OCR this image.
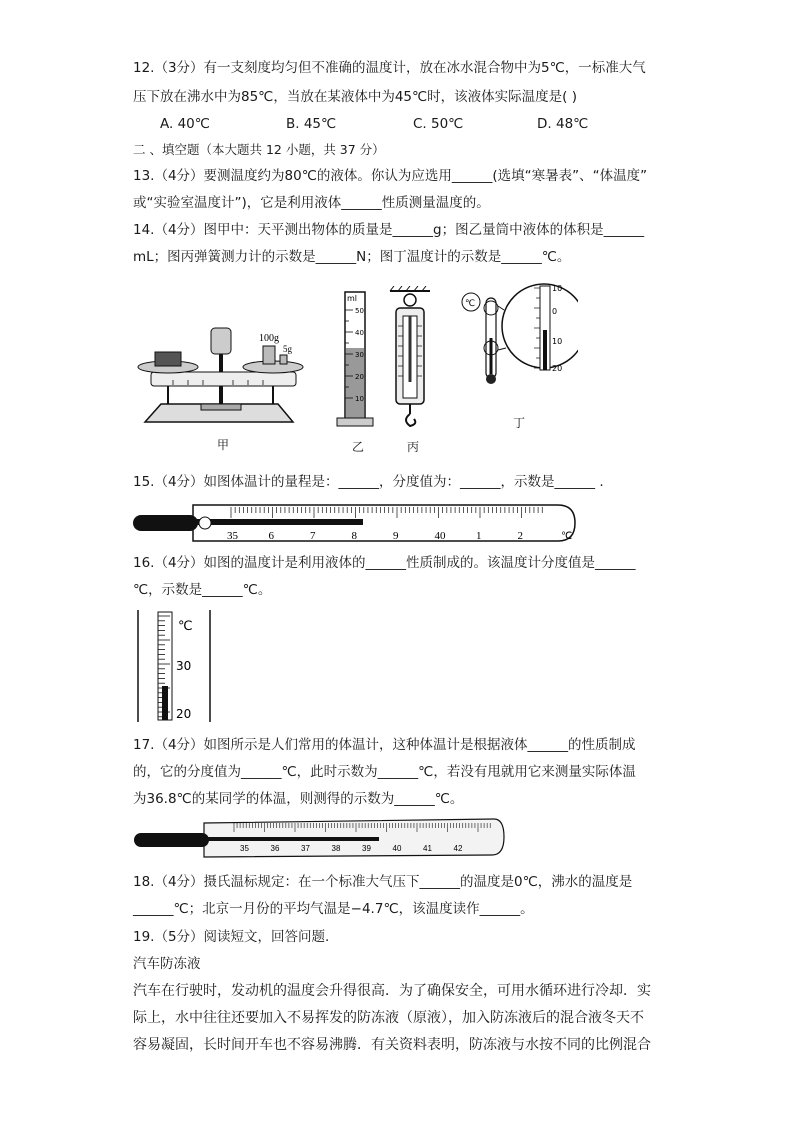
12.（3分）有一支刻度均匀但不准确的温度计，放在冰水混合物中为5℃，一标准大气
压下放在沸水中为85℃，当放在某液体中为45℃时，该液体实际温度是( )
A. 40℃	B. 45℃	C. 50℃	D. 48℃
二 、填空题（本大题共 12 小题，共 37 分）
13.（4分）要测温度约为80℃的液体。你认为应选用______(选填“寒暑表”、“体温度”
或“实验室温度计”)，它是利用液体______性质测量温度的。
14.（4分）图甲中：天平测出物体的质量是______g；图乙量筒中液体的体积是______
mL；图丙弹簧测力计的示数是______N；图丁温度计的示数是______℃。
100g
5g
甲
ml
50
40
30
20
10
乙	丙
℃
10
0
10
20
丁
15.（4分）如图体温计的量程是：______，分度值为：______，示数是______ .
35	6	7	8	9	40	1	2	℃
16.（4分）如图的温度计是利用液体的______性质制成的。该温度计分度值是______
℃，示数是______℃。
℃
30
20
17.（4分）如图所示是人们常用的体温计，这种体温计是根据液体______的性质制成
的，它的分度值为______℃，此时示数为______℃，若没有甩就用它来测量实际体温
为36.8℃的某同学的体温，则测得的示数为______℃。
35	36	37	38	39	40	41	42
18.（4分）摄氏温标规定：在一个标准大气压下______的温度是0℃，沸水的温度是
______℃；北京一月份的平均气温是−4.7℃，该温度读作______。
19.（5分）阅读短文，回答问题.
汽车防冻液
汽车在行驶时，发动机的温度会升得很高．为了确保安全，可用水循环进行冷却．实
际上，水中往往还要加入不易挥发的防冻液（原液），加入防冻液后的混合液冬天不
容易凝固，长时间开车也不容易沸腾．有关资料表明，防冻液与水按不同的比例混合
